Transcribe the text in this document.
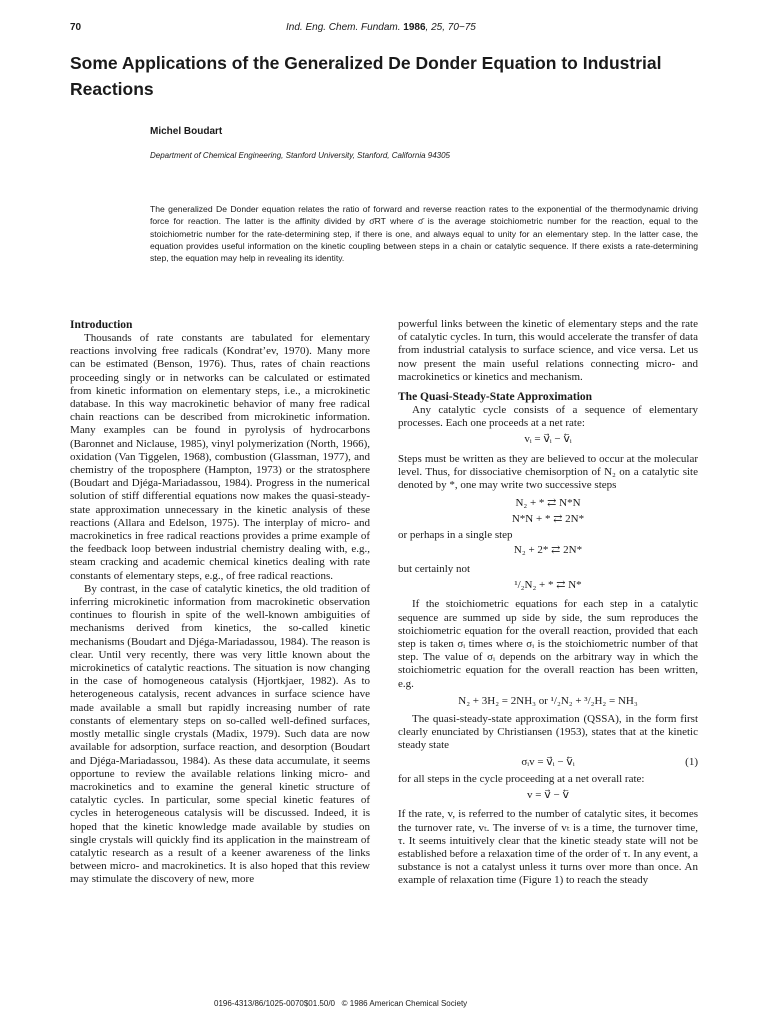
70	Ind. Eng. Chem. Fundam. 1986, 25, 70−75
Some Applications of the Generalized De Donder Equation to Industrial Reactions
Michel Boudart
Department of Chemical Engineering, Stanford University, Stanford, California 94305

The generalized De Donder equation relates the ratio of forward and reverse reaction rates to the exponential of the thermodynamic driving force for reaction. The latter is the affinity divided by σ̄RT where σ̄ is the average stoichiometric number for the reaction, equal to the stoichiometric number for the rate-determining step, if there is one, and always equal to unity for an elementary step. In the latter case, the equation provides useful information on the kinetic coupling between steps in a chain or catalytic sequence. If there exists a rate-determining step, the equation may help in revealing its identity.

Introduction

Thousands of rate constants are tabulated for elementary reactions involving free radicals (Kondrat’ev, 1970). Many more can be estimated (Benson, 1976). Thus, rates of chain reactions proceeding singly or in networks can be calculated or estimated from kinetic information on elementary steps, i.e., a microkinetic database. In this way macrokinetic behavior of many free radical chain reactions can be described from microkinetic information. Many examples can be found in pyrolysis of hydrocarbons (Baronnet and Niclause, 1985), vinyl polymerization (North, 1966), oxidation (Van Tiggelen, 1968), combustion (Glassman, 1977), and chemistry of the troposphere (Hampton, 1973) or the stratosphere (Boudart and Djéga-Mariadassou, 1984). Progress in the numerical solution of stiff differential equations now makes the quasi-steady-state approximation unnecessary in the kinetic analysis of these reactions (Allara and Edelson, 1975). The interplay of micro- and macrokinetics in free radical reactions provides a prime example of the feedback loop between industrial chemistry dealing with, e.g., steam cracking and academic chemical kinetics dealing with rate constants of elementary steps, e.g., of free radical reactions.

By contrast, in the case of catalytic kinetics, the old tradition of inferring microkinetic information from macrokinetic observation continues to flourish in spite of the well-known ambiguities of mechanisms derived from kinetics, the so-called kinetic mechanisms (Boudart and Djéga-Mariadassou, 1984). The reason is clear. Until very recently, there was very little known about the microkinetics of catalytic reactions. The situation is now changing in the case of homogeneous catalysis (Hjortkjaer, 1982). As to heterogeneous catalysis, recent advances in surface science have made available a small but rapidly increasing number of rate constants of elementary steps on so-called well-defined surfaces, mostly metallic single crystals (Madix, 1979). Such data are now available for adsorption, surface reaction, and desorption (Boudart and Djéga-Mariadassou, 1984). As these data accumulate, it seems opportune to review the available relations linking micro- and macrokinetics and to examine the general kinetic structure of catalytic cycles. In particular, some special kinetic features of cycles in heterogeneous catalysis will be discussed. Indeed, it is hoped that the kinetic knowledge made available by studies on single crystals will quickly find its application in the mainstream of catalytic research as a result of a keener awareness of the links between micro- and macrokinetics. It is also hoped that this review may stimulate the discovery of new, more

powerful links between the kinetic of elementary steps and the rate of catalytic cycles. In turn, this would accelerate the transfer of data from industrial catalysis to surface science, and vice versa. Let us now present the main useful relations connecting micro- and macrokinetics or kinetics and mechanism.

The Quasi-Steady-State Approximation

Any catalytic cycle consists of a sequence of elementary processes. Each one proceeds at a net rate:

vᵢ = v⃗ᵢ − v⃖ᵢ

Steps must be written as they are believed to occur at the molecular level. Thus, for dissociative chemisorption of N₂ on a catalytic site denoted by *, one may write two successive steps

N₂ + * ⇄ N*N

N*N + * ⇄ 2N*

or perhaps in a single step

N₂ + 2* ⇄ 2N*

but certainly not

¹/₂N₂ + * ⇄ N*

If the stoichiometric equations for each step in a catalytic sequence are summed up side by side, the sum reproduces the stoichiometric equation for the overall reaction, provided that each step is taken σᵢ times where σᵢ is the stoichiometric number of that step. The value of σᵢ depends on the arbitrary way in which the stoichiometric equation for the overall reaction has been written, e.g.

N₂ + 3H₂ = 2NH₃ or ¹/₂N₂ + ³/₂H₂ = NH₃

The quasi-steady-state approximation (QSSA), in the form first clearly enunciated by Christiansen (1953), states that at the kinetic steady state

σᵢv = v⃗ᵢ − v⃖ᵢ	(1)

for all steps in the cycle proceeding at a net overall rate:

v = v⃗ − v⃖

If the rate, v, is referred to the number of catalytic sites, it becomes the turnover rate, vₜ. The inverse of vₜ is a time, the turnover time, τ. It seems intuitively clear that the kinetic steady state will not be established before a relaxation time of the order of τ. In any event, a substance is not a catalyst unless it turns over more than once. An example of relaxation time (Figure 1) to reach the steady

0196-4313/86/1025-0070$01.50/0 © 1986 American Chemical Society
